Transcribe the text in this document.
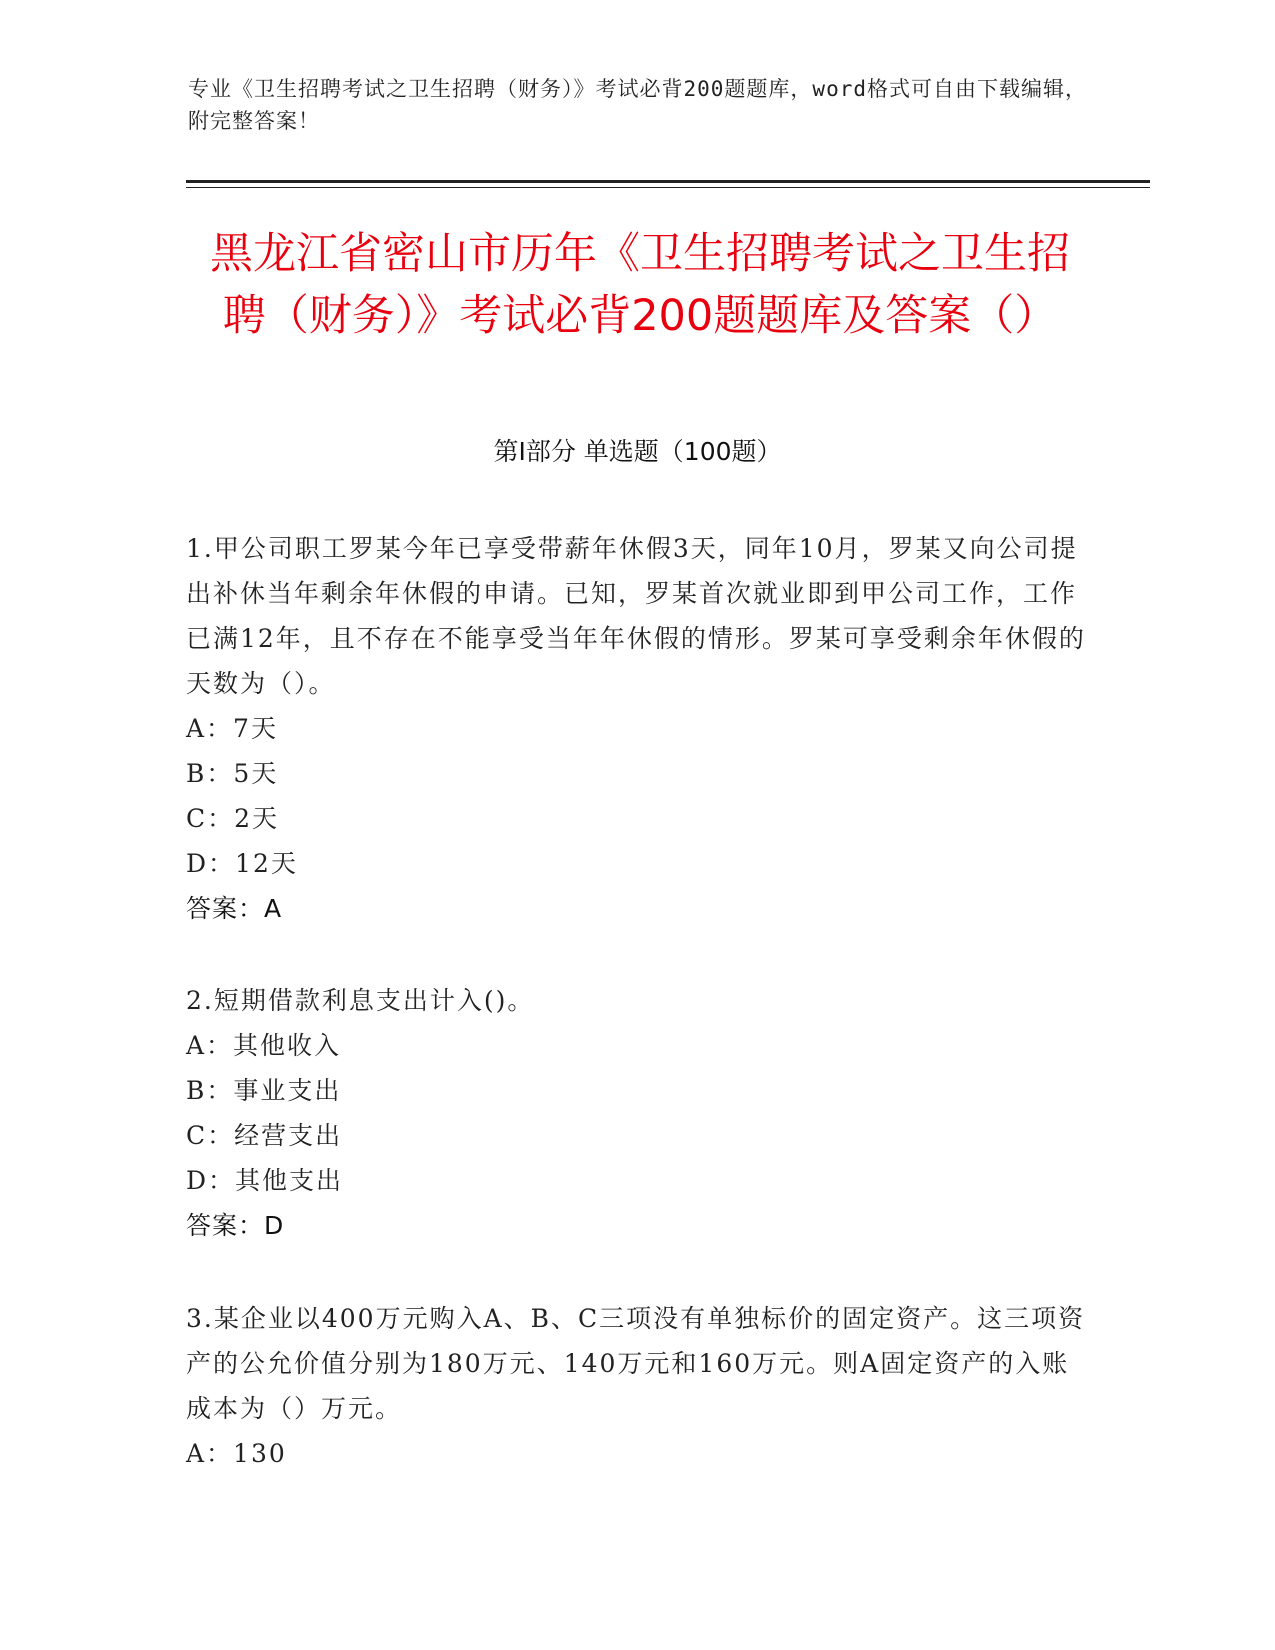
专业《卫生招聘考试之卫生招聘（财务）》考试必背200题题库，word格式可自由下载编辑，附完整答案！
黑龙江省密山市历年《卫生招聘考试之卫生招聘（财务）》考试必背200题题库及答案（）
第Ⅰ部分 单选题（100题）
1.甲公司职工罗某今年已享受带薪年休假3天，同年10月，罗某又向公司提出补休当年剩余年休假的申请。已知，罗某首次就业即到甲公司工作，工作已满12年，且不存在不能享受当年年休假的情形。罗某可享受剩余年休假的天数为（）。
A：7天
B：5天
C：2天
D：12天
答案：A
2.短期借款利息支出计入()。
A：其他收入
B：事业支出
C：经营支出
D：其他支出
答案：D
3.某企业以400万元购入A、B、C三项没有单独标价的固定资产。这三项资产的公允价值分别为180万元、140万元和160万元。则A固定资产的入账成本为（）万元。
A：130
